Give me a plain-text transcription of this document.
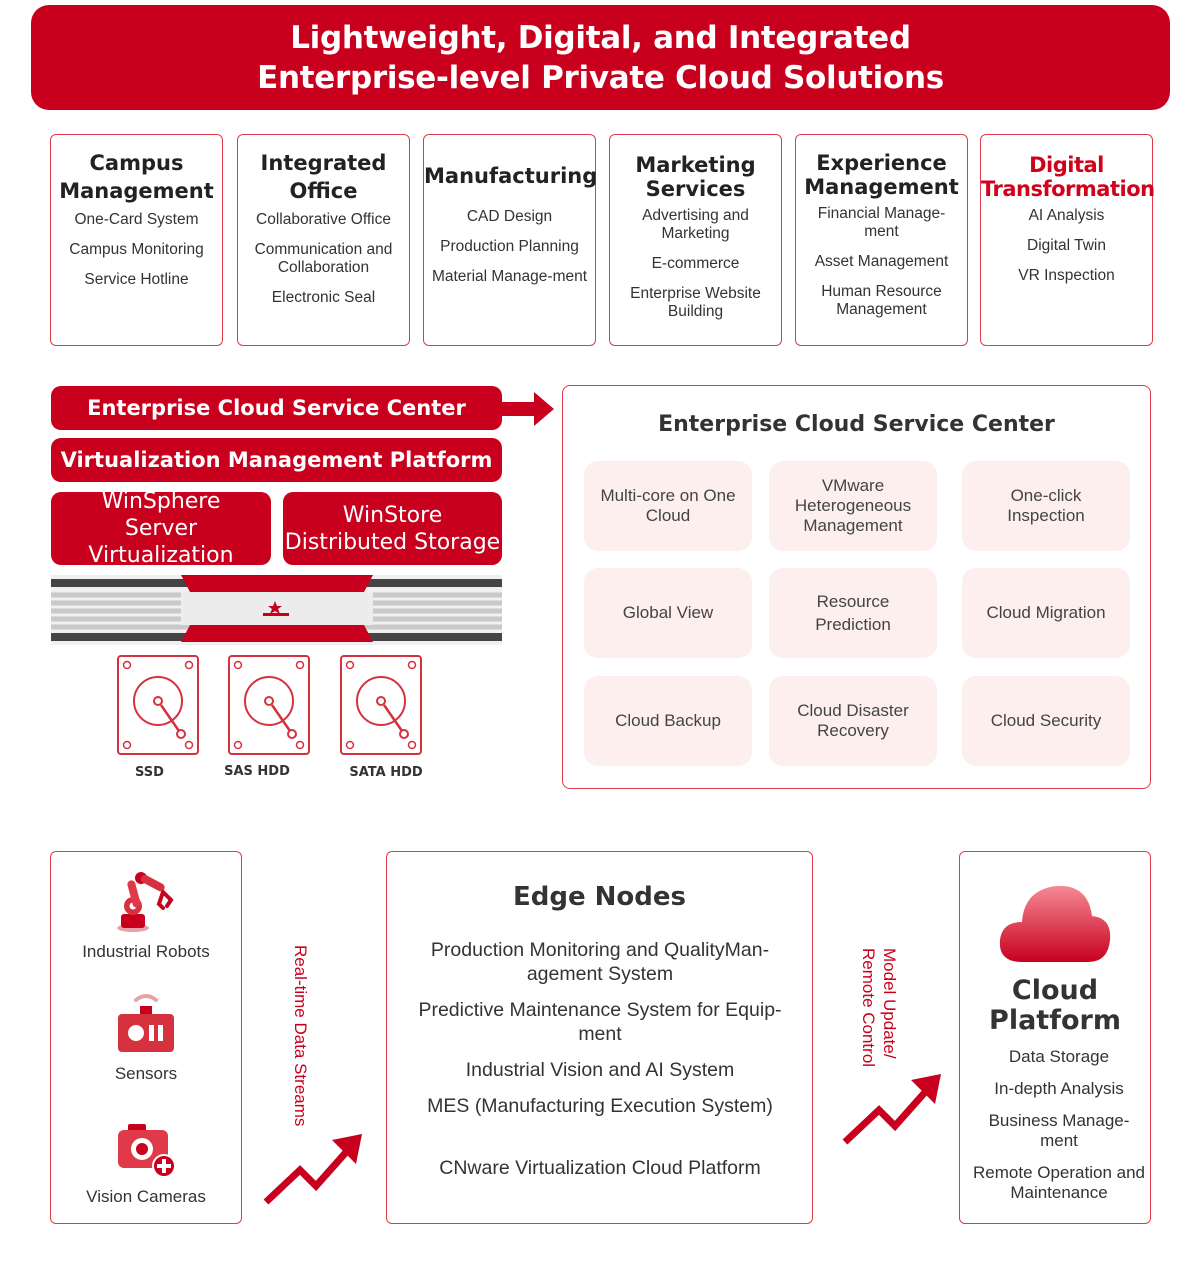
Lightweight, Digital, and Integrated
Enterprise-level Private Cloud Solutions
Campus
Management
One-Card System
Campus Monitoring
Service Hotline
Integrated
Office
Collaborative Office
Communication and Collaboration
Electronic Seal
Manufacturing
CAD Design
Production Planning
Material Manage-ment
Marketing
Services
Advertising and Marketing
E-commerce
Enterprise Website Building
Experience
Management
Financial Manage-ment
Asset Management
Human Resource Management
Digital
Transformation
AI Analysis
Digital Twin
VR Inspection
Enterprise Cloud Service Center
Virtualization Management Platform
WinSphere
Server Virtualization
WinStore
Distributed Storage
SSD	SAS HDD	SATA HDD
Enterprise Cloud Service Center
Multi-core on One Cloud
VMware Heterogeneous Management
One-click Inspection
Global View
Resource Prediction
Cloud Migration
Cloud Backup
Cloud Disaster Recovery
Cloud Security
Industrial Robots
Sensors
Vision Cameras
Real-time Data Streams
Edge Nodes
Production Monitoring and QualityMan-agement System
Predictive Maintenance System for Equip-ment
Industrial Vision and AI System
MES (Manufacturing Execution System)
CNware Virtualization Cloud Platform
Model Update/
Remote Control	Cloud
Platform
Data Storage
In-depth Analysis
Business Manage-ment
Remote Operation and Maintenance
